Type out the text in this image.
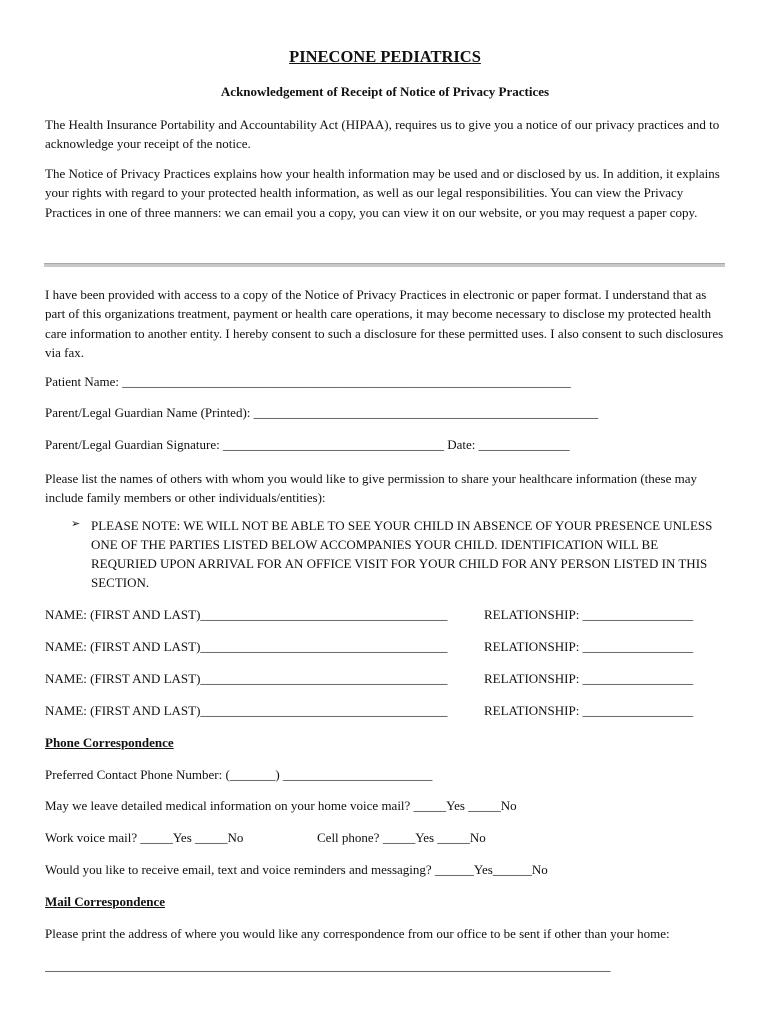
PINECONE PEDIATRICS

Acknowledgement of Receipt of Notice of Privacy Practices

The Health Insurance Portability and Accountability Act (HIPAA), requires us to give you a notice of our privacy practices and to acknowledge your receipt of the notice.

The Notice of Privacy Practices explains how your health information may be used and or disclosed by us. In addition, it explains your rights with regard to your protected health information, as well as our legal responsibilities. You can view the Privacy Practices in one of three manners: we can email you a copy, you can view it on our website, or you may request a paper copy.

I have been provided with access to a copy of the Notice of Privacy Practices in electronic or paper format. I understand that as part of this organizations treatment, payment or health care operations, it may become necessary to disclose my protected health care information to another entity. I hereby consent to such a disclosure for these permitted uses. I also consent to such disclosures via fax.

Patient Name: _____________________________________________________________________

Parent/Legal Guardian Name (Printed): _____________________________________________________

Parent/Legal Guardian Signature: __________________________________ Date: ______________

Please list the names of others with whom you would like to give permission to share your healthcare information (these may include family members or other individuals/entities):

➢ PLEASE NOTE: WE WILL NOT BE ABLE TO SEE YOUR CHILD IN ABSENCE OF YOUR PRESENCE UNLESS ONE OF THE PARTIES LISTED BELOW ACCOMPANIES YOUR CHILD. IDENTIFICATION WILL BE REQURIED UPON ARRIVAL FOR AN OFFICE VISIT FOR YOUR CHILD FOR ANY PERSON LISTED IN THIS SECTION.

NAME: (FIRST AND LAST)______________________________________	RELATIONSHIP: _________________
NAME: (FIRST AND LAST)______________________________________	RELATIONSHIP: _________________
NAME: (FIRST AND LAST)______________________________________	RELATIONSHIP: _________________
NAME: (FIRST AND LAST)______________________________________	RELATIONSHIP: _________________

Phone Correspondence

Preferred Contact Phone Number: (_______) _______________________

May we leave detailed medical information on your home voice mail? _____Yes _____No

Work voice mail? _____Yes _____No	Cell phone? _____Yes _____No

Would you like to receive email, text and voice reminders and messaging? ______Yes______No

Mail Correspondence

Please print the address of where you would like any correspondence from our office to be sent if other than your home:

_______________________________________________________________________________________
